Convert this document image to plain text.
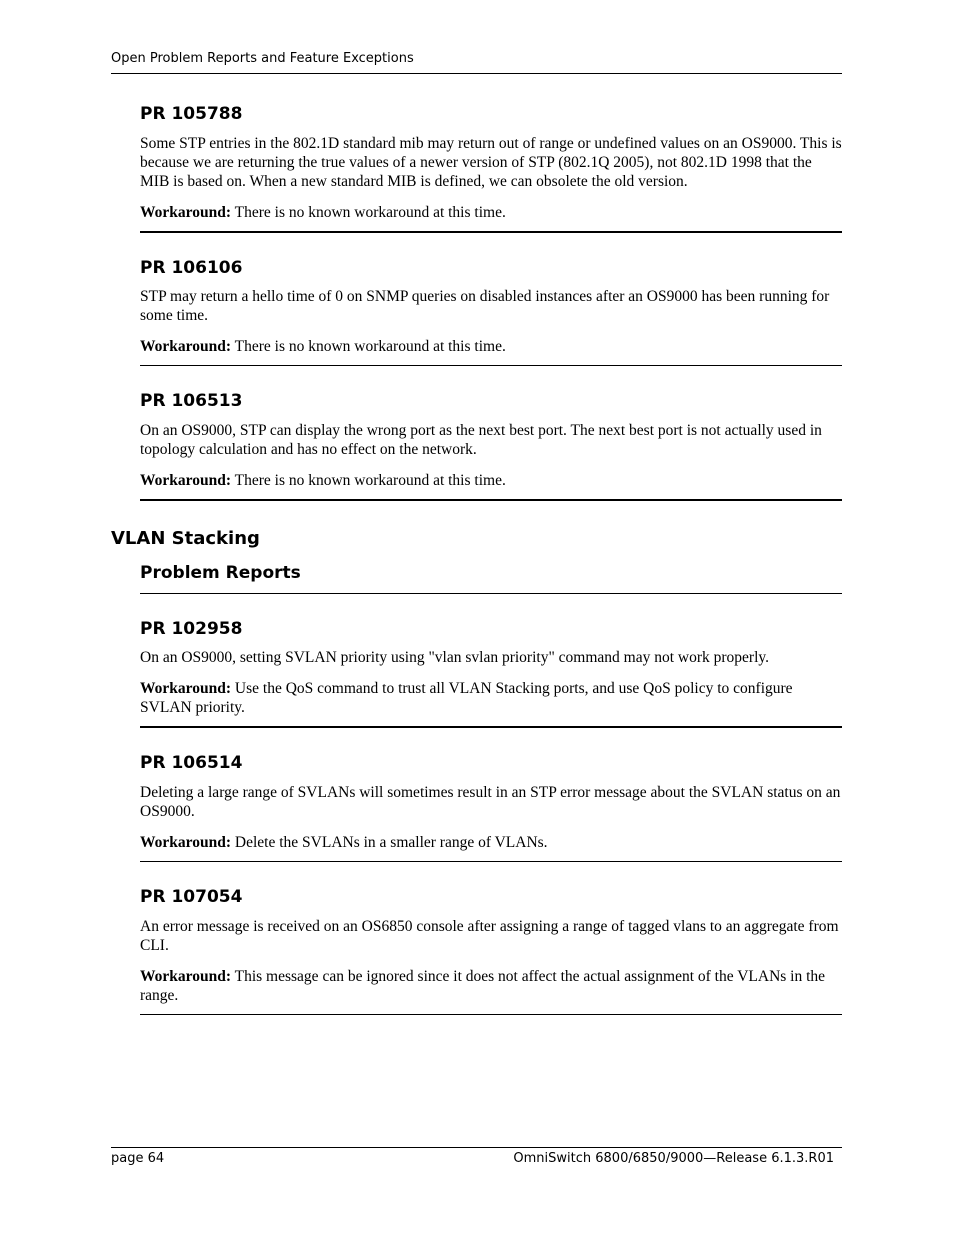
Open Problem Reports and Feature Exceptions
PR 105788

Some STP entries in the 802.1D standard mib may return out of range or undefined values on an OS9000. This is because we are returning the true values of a newer version of STP (802.1Q 2005), not 802.1D 1998 that the MIB is based on. When a new standard MIB is defined, we can obsolete the old version.

Workaround: There is no known workaround at this time.

PR 106106

STP may return a hello time of 0 on SNMP queries on disabled instances after an OS9000 has been running for some time.

Workaround: There is no known workaround at this time.

PR 106513

On an OS9000, STP can display the wrong port as the next best port. The next best port is not actually used in topology calculation and has no effect on the network.

Workaround: There is no known workaround at this time.

VLAN Stacking
Problem Reports
PR 102958

On an OS9000, setting SVLAN priority using "vlan svlan priority" command may not work properly.

Workaround: Use the QoS command to trust all VLAN Stacking ports, and use QoS policy to configure SVLAN priority.

PR 106514

Deleting a large range of SVLANs will sometimes result in an STP error message about the SVLAN status on an OS9000.

Workaround: Delete the SVLANs in a smaller range of VLANs.

PR 107054

An error message is received on an OS6850 console after assigning a range of tagged vlans to an aggregate from CLI.

Workaround: This message can be ignored since it does not affect the actual assignment of the VLANs in the range.

page 64	OmniSwitch 6800/6850/9000—Release 6.1.3.R01
